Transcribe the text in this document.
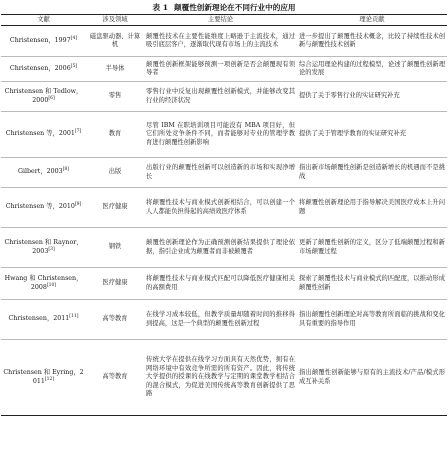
表 1 颠覆性创新理论在不同行业中的应用
文献	涉及领域	主要结论	理论贡献
Christensen，1997[4]	磁盘驱动器、计算机	颠覆性技术在主要性能维度上略逊于主流技术，通过吸引底层客户，逐渐取代现有市场上的主流技术	进一步提出了颠覆性技术概念，比较了持续性技术创新与颠覆性技术创新
Christensen，2006[5]	半导体	颠覆性创新框架能够预测一项创新是否会颠覆现有领导者	综合运用理论构建的过程模型，论述了颠覆性创新理论的发展
Christensen 和 Tedlow，2000[6]	零售	零售行业中反复出现颠覆性创新模式，并能够改变其行业的经济状况	提供了关于零售行业的实证研究补充
Christensen 等，2001[7]	教育	尽管 IBM 在职培训项目可能没有 MBA 项目好，但它们所处竞争条件不同，而者能够对专业的管理学教育进行颠覆性创新影响	提供了关于管理学教育的实证研究补充
Gilbert，2003[8]	出版	出版行业的颠覆性创新可以创造新的市场和实现净增长	指出新市场颠覆性创新是创造新增长的机遇而不是挑战
Christensen 等，2010[9]	医疗健康	将颠覆性技术与商业模式创新相结合，可以创建一个人人都能负担得起的高绩效医疗体系	将颠覆性创新理论用于指导解决美国医疗成本上升问题
Christensen 和 Raynor，2003[3]	钢铁	颠覆性创新理论作为正确预测创新结果提供了理论依据，指引企业成为颠覆者而非被颠覆者	更新了颠覆性创新的定义，区分了低端颠覆过程和新市场颠覆过程
Hwang 和 Christensen，2008[10]	医疗健康	将颠覆性技术与商业模式匹配可以降低医疗健康相关的高额费用	探索了颠覆性技术与商业模式的匹配度，以推动形成颠覆性创新
Christensen，2011[11]	高等教育	在线学习成本较低，但教学质量却随着时间的推移得到提高，这是一个典型的颠覆性创新过程	指出颠覆性创新理论对高等教育所面临的挑战和变化具有重要的指导作用
Christensen 和 Eyring，2011[12]	高等教育	传统大学在提供在线学习方面具有天然优势，拥有在网络环境中有效竞争所需的所有资产。因此，将传统大学提供的授课的在线教学与定期的课堂教学相结合的混合模式，为促进美国传统高等教育创新提供了思路	指出颠覆性创新能够与原有的主流技术/产品/模式形成互补关系
